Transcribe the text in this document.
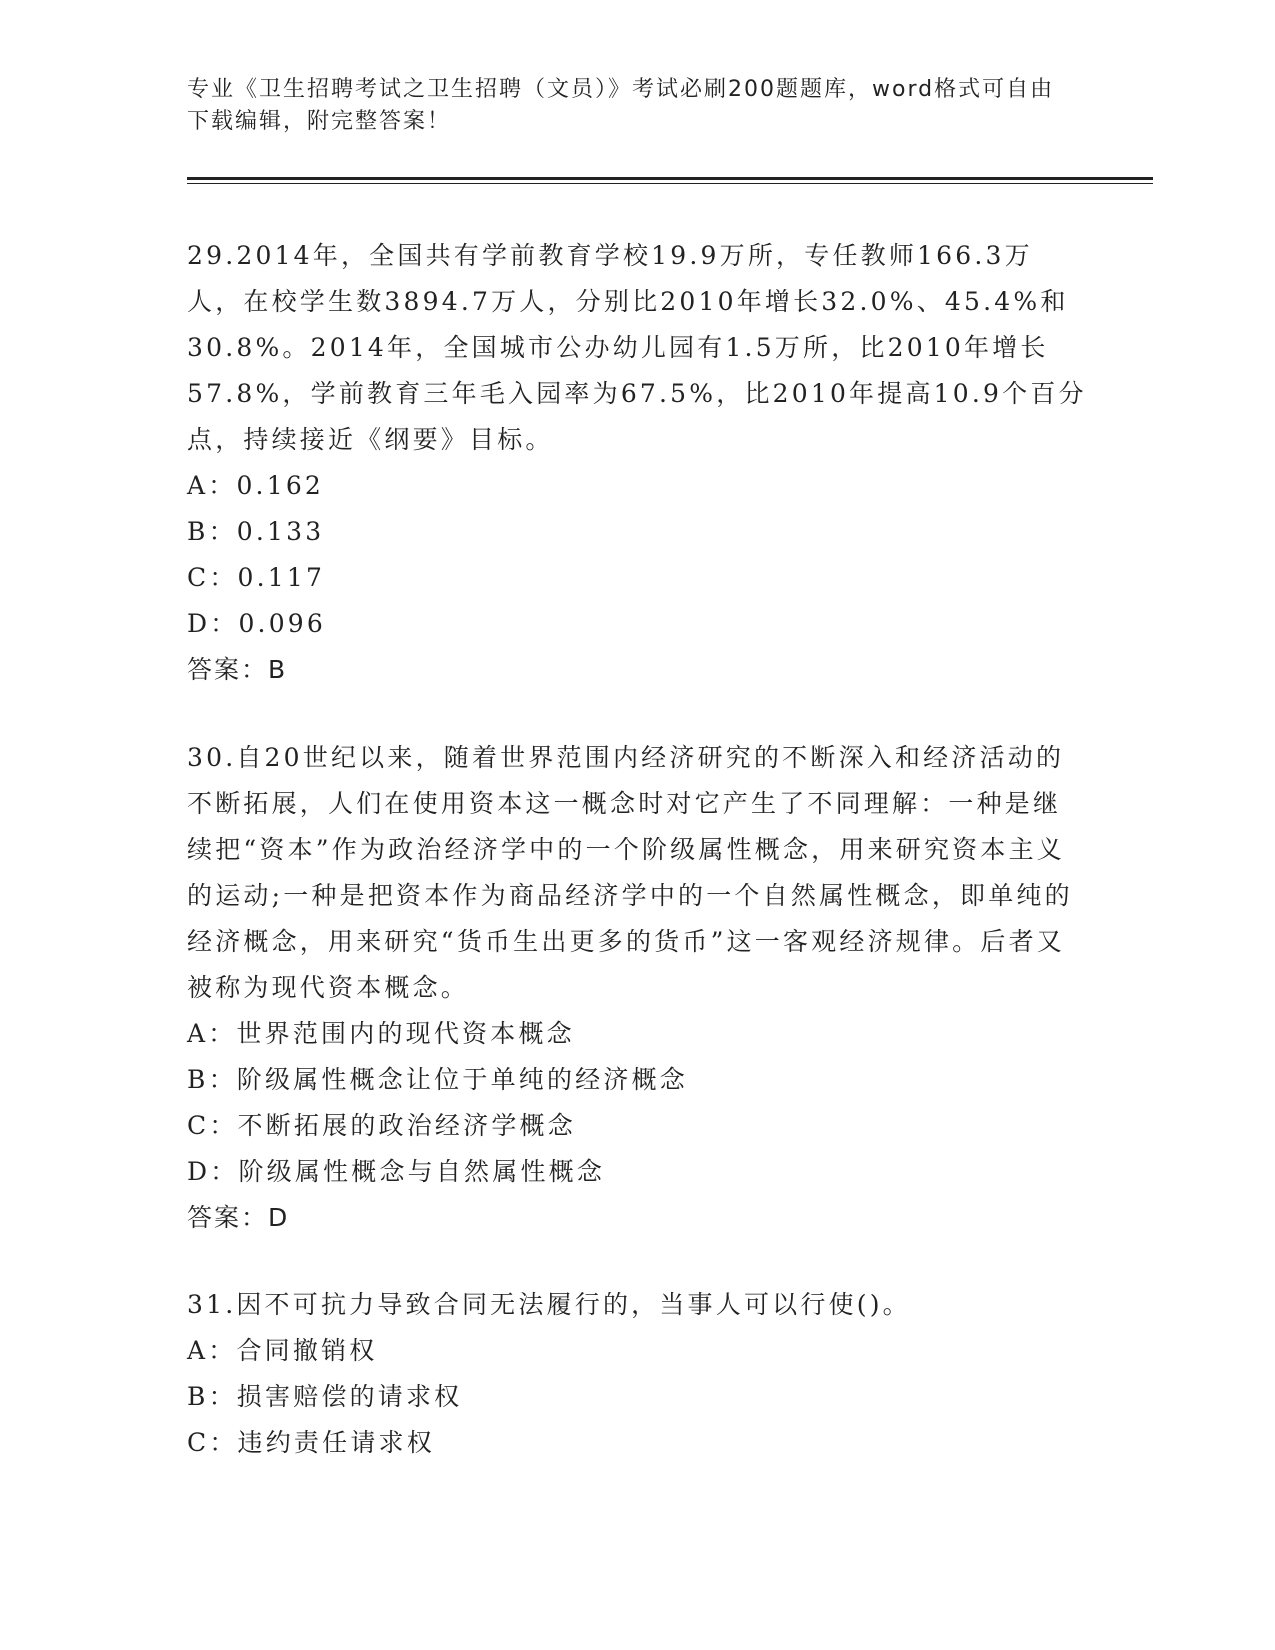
专业《卫生招聘考试之卫生招聘（文员）》考试必刷200题题库，word格式可自由下载编辑，附完整答案！

29.2014年，全国共有学前教育学校19.9万所，专任教师166.3万人，在校学生数3894.7万人，分别比2010年增长32.0%、45.4%和30.8%。2014年，全国城市公办幼儿园有1.5万所，比2010年增长57.8%，学前教育三年毛入园率为67.5%，比2010年提高10.9个百分点，持续接近《纲要》目标。

A：0.162

B：0.133

C：0.117

D：0.096

答案：B

30.自20世纪以来，随着世界范围内经济研究的不断深入和经济活动的不断拓展，人们在使用资本这一概念时对它产生了不同理解：一种是继续把“资本”作为政治经济学中的一个阶级属性概念，用来研究资本主义的运动;一种是把资本作为商品经济学中的一个自然属性概念，即单纯的经济概念，用来研究“货币生出更多的货币”这一客观经济规律。后者又被称为现代资本概念。

A：世界范围内的现代资本概念

B：阶级属性概念让位于单纯的经济概念

C：不断拓展的政治经济学概念

D：阶级属性概念与自然属性概念

答案：D

31.因不可抗力导致合同无法履行的，当事人可以行使()。

A：合同撤销权

B：损害赔偿的请求权

C：违约责任请求权
